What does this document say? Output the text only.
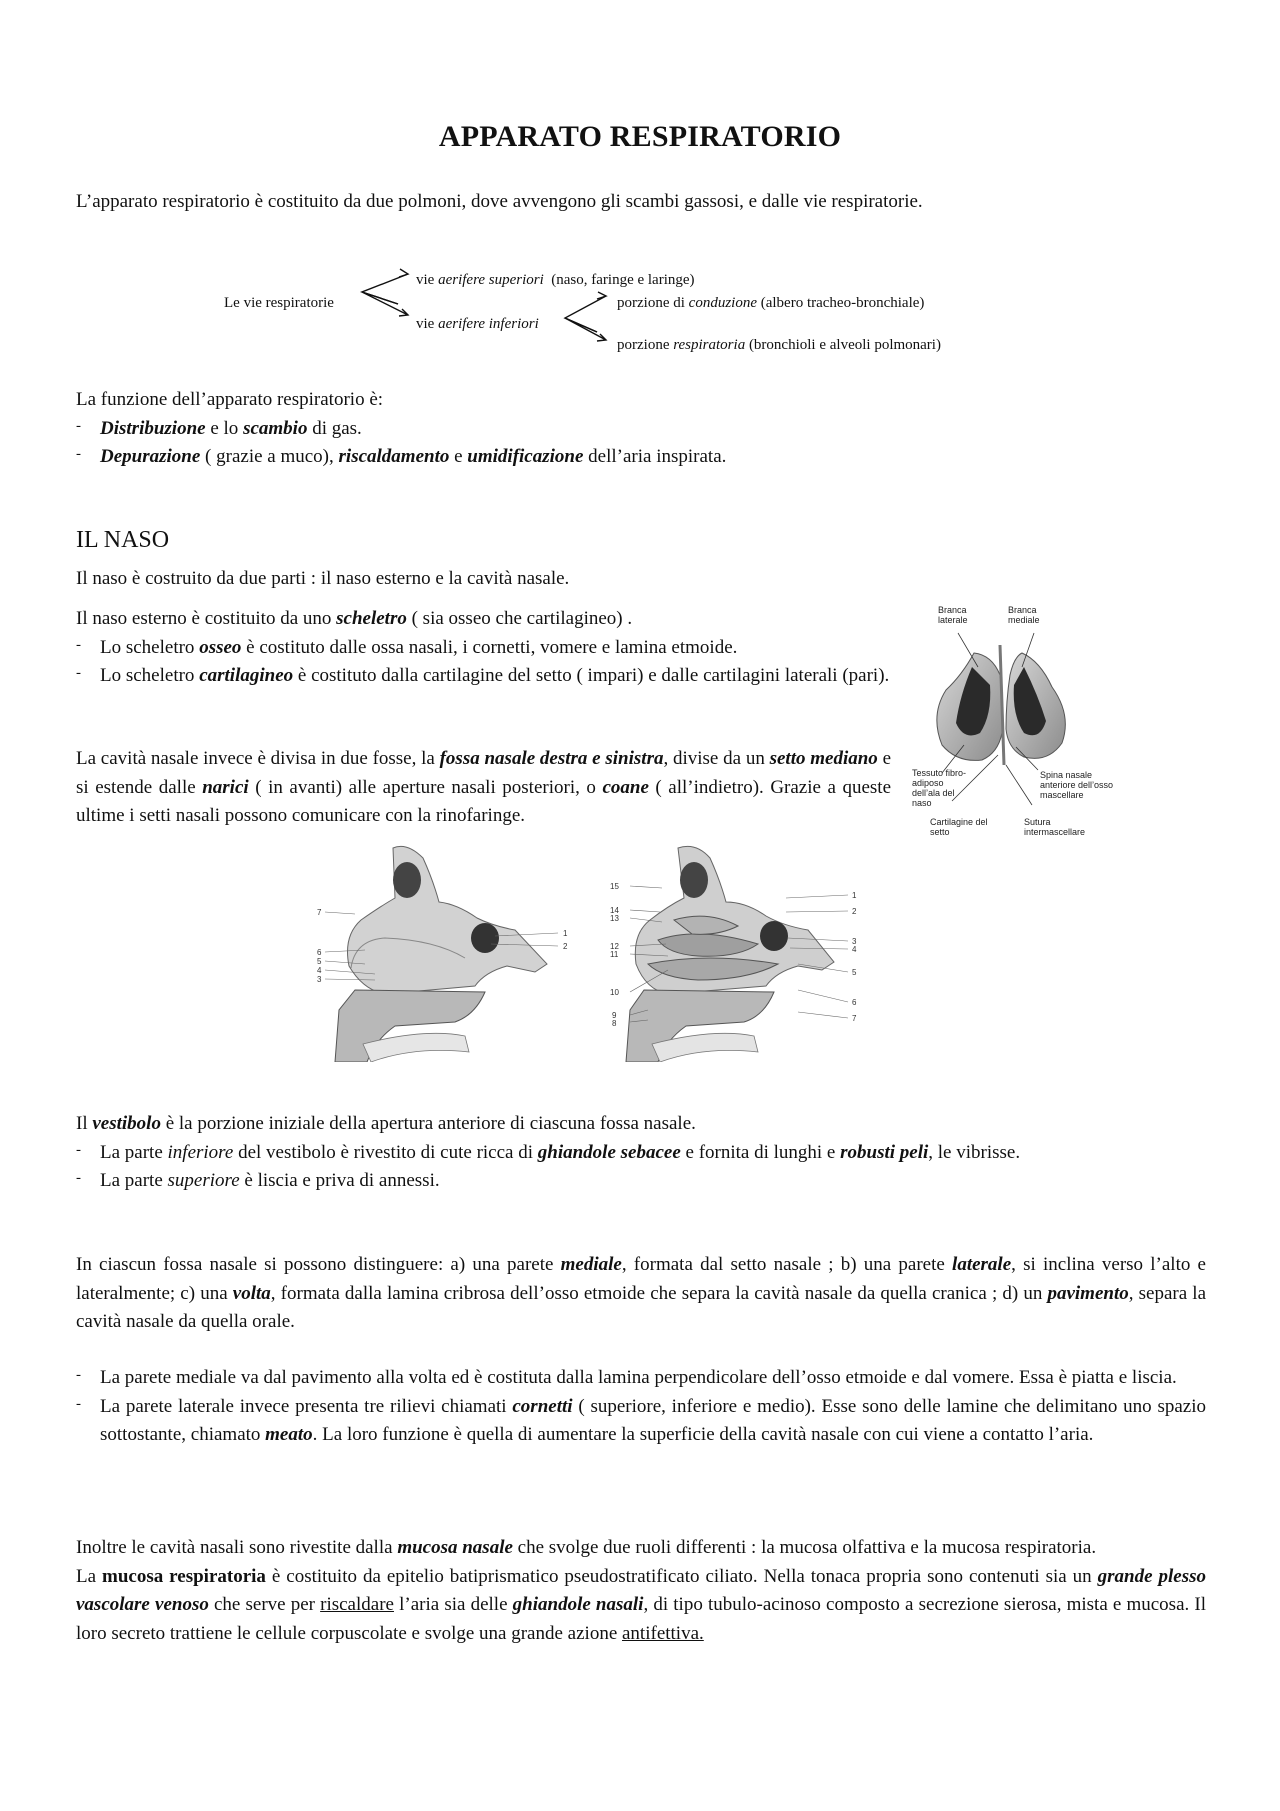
APPARATO RESPIRATORIO

L’apparato respiratorio è costituito da due polmoni, dove avvengono gli scambi gassosi, e dalle vie respiratorie.

Le vie respiratorie
vie aerifere superiori (naso, faringe e laringe)
vie aerifere inferiori
porzione di conduzione (albero tracheo-bronchiale)
porzione respiratoria (bronchioli e alveoli polmonari)

La funzione dell’apparato respiratorio è:

‐ Distribuzione e lo scambio di gas.
‐ Depurazione ( grazie a muco), riscaldamento e umidificazione dell’aria inspirata.
IL NASO

Il naso è costruito da due parti : il naso esterno e la cavità nasale.

Il naso esterno è costituito da uno scheletro ( sia osseo che cartilagineo) .

‐ Lo scheletro osseo è costituto dalle ossa nasali, i cornetti, vomere e lamina etmoide.
‐ Lo scheletro cartilagineo è costituto dalla cartilagine del setto ( impari) e dalle cartilagini laterali (pari).

La cavità nasale invece è divisa in due fosse, la fossa nasale destra e sinistra, divise da un setto mediano e si estende dalle narici ( in avanti) alle aperture nasali posteriori, o coane ( all’indietro). Grazie a queste ultime i setti nasali possono comunicare con la rinofaringe.

Branca laterale
Branca mediale
Tessuto fibro-adiposo dell’ala del naso
Cartilagine del setto
Spina nasale anteriore dell’osso mascellare
Sutura intermascellare
7
1
2
6
5
4
3
15
14
13
12
11
10
9
8
1
2
3
4
5
6
7

Il vestibolo è la porzione iniziale della apertura anteriore di ciascuna fossa nasale.

‐ La parte inferiore del vestibolo è rivestito di cute ricca di ghiandole sebacee e fornita di lunghi e robusti peli, le vibrisse.
‐ La parte superiore è liscia e priva di annessi.

In ciascun fossa nasale si possono distinguere: a) una parete mediale, formata dal setto nasale ; b) una parete laterale, si inclina verso l’alto e lateralmente; c) una volta, formata dalla lamina cribrosa dell’osso etmoide che separa la cavità nasale da quella cranica ; d) un pavimento, separa la cavità nasale da quella orale.

‐ La parete mediale va dal pavimento alla volta ed è costituta dalla lamina perpendicolare dell’osso etmoide e dal vomere. Essa è piatta e liscia.
‐ La parete laterale invece presenta tre rilievi chiamati cornetti ( superiore, inferiore e medio). Esse sono delle lamine che delimitano uno spazio sottostante, chiamato meato. La loro funzione è quella di aumentare la superficie della cavità nasale con cui viene a contatto l’aria.

Inoltre le cavità nasali sono rivestite dalla mucosa nasale che svolge due ruoli differenti : la mucosa olfattiva e la mucosa respiratoria.

La mucosa respiratoria è costituito da epitelio batiprismatico pseudostratificato ciliato. Nella tonaca propria sono contenuti sia un grande plesso vascolare venoso che serve per riscaldare l’aria sia delle ghiandole nasali, di tipo tubulo-acinoso composto a secrezione sierosa, mista e mucosa. Il loro secreto trattiene le cellule corpuscolate e svolge una grande azione antifettiva.
